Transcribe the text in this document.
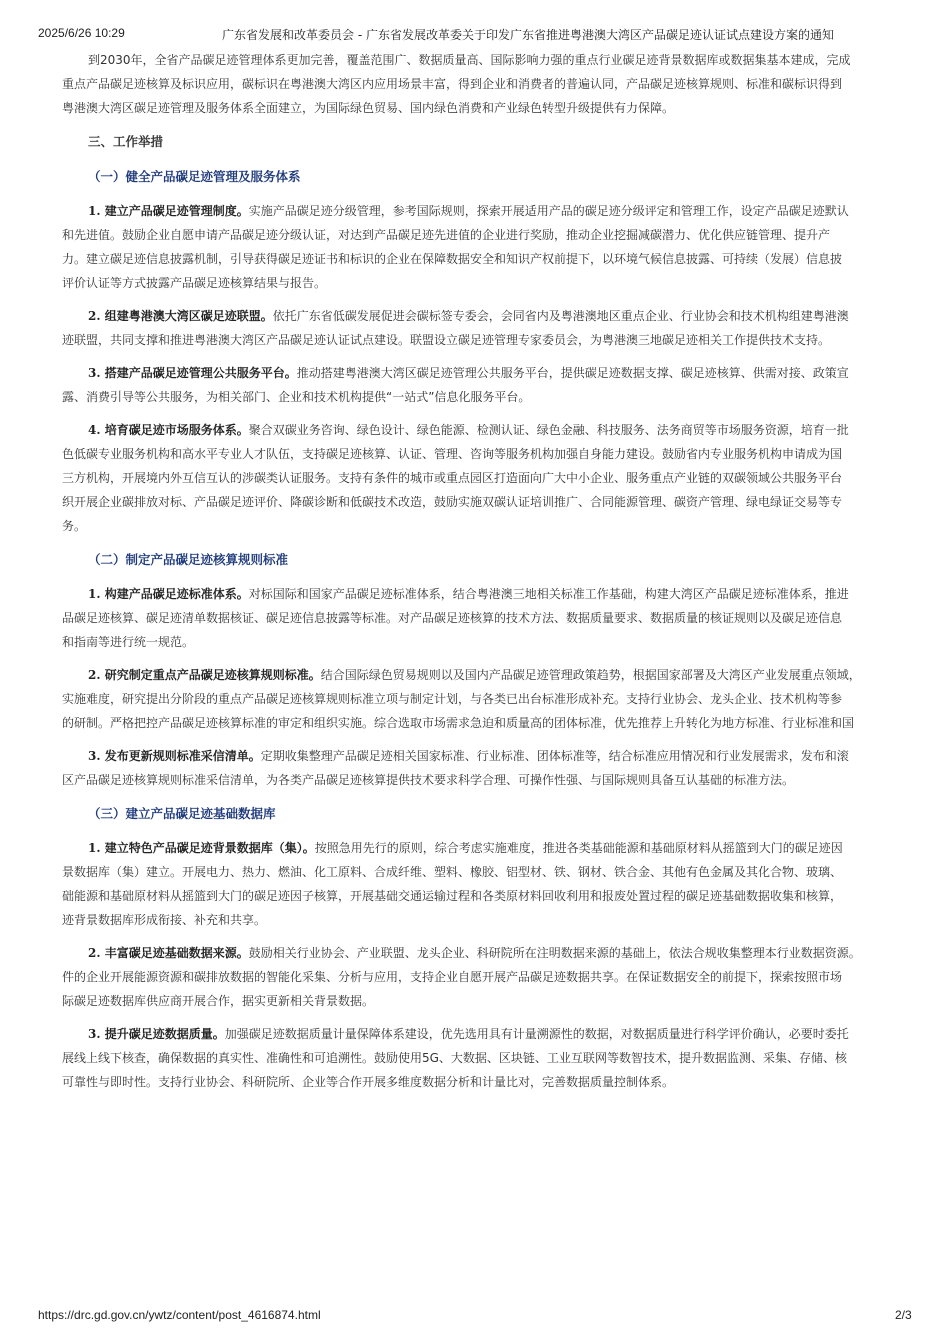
2025/6/26 10:29	广东省发展和改革委员会 - 广东省发展改革委关于印发广东省推进粤港澳大湾区产品碳足迹认证试点建设方案的通知
到2030年，全省产品碳足迹管理体系更加完善，覆盖范围广、数据质量高、国际影响力强的重点行业碳足迹背景数据库或数据集基本建成，完成
重点产品碳足迹核算及标识应用，碳标识在粤港澳大湾区内应用场景丰富，得到企业和消费者的普遍认同，产品碳足迹核算规则、标准和碳标识得到
粤港澳大湾区碳足迹管理及服务体系全面建立，为国际绿色贸易、国内绿色消费和产业绿色转型升级提供有力保障。
三、工作举措
（一）健全产品碳足迹管理及服务体系
1. 建立产品碳足迹管理制度。实施产品碳足迹分级管理，参考国际规则，探索开展适用产品的碳足迹分级评定和管理工作，设定产品碳足迹默认
和先进值。鼓励企业自愿申请产品碳足迹分级认证，对达到产品碳足迹先进值的企业进行奖励，推动企业挖掘减碳潜力、优化供应链管理、提升产
力。建立碳足迹信息披露机制，引导获得碳足迹证书和标识的企业在保障数据安全和知识产权前提下，以环境气候信息披露、可持续（发展）信息披
评价认证等方式披露产品碳足迹核算结果与报告。
2. 组建粤港澳大湾区碳足迹联盟。依托广东省低碳发展促进会碳标签专委会，会同省内及粤港澳地区重点企业、行业协会和技术机构组建粤港澳
迹联盟，共同支撑和推进粤港澳大湾区产品碳足迹认证试点建设。联盟设立碳足迹管理专家委员会，为粤港澳三地碳足迹相关工作提供技术支持。
3. 搭建产品碳足迹管理公共服务平台。推动搭建粤港澳大湾区碳足迹管理公共服务平台，提供碳足迹数据支撑、碳足迹核算、供需对接、政策宣
露、消费引导等公共服务，为相关部门、企业和技术机构提供“一站式”信息化服务平台。
4. 培育碳足迹市场服务体系。聚合双碳业务咨询、绿色设计、绿色能源、检测认证、绿色金融、科技服务、法务商贸等市场服务资源，培育一批
色低碳专业服务机构和高水平专业人才队伍，支持碳足迹核算、认证、管理、咨询等服务机构加强自身能力建设。鼓励省内专业服务机构申请成为国
三方机构，开展境内外互信互认的涉碳类认证服务。支持有条件的城市或重点园区打造面向广大中小企业、服务重点产业链的双碳领域公共服务平台
织开展企业碳排放对标、产品碳足迹评价、降碳诊断和低碳技术改造，鼓励实施双碳认证培训推广、合同能源管理、碳资产管理、绿电绿证交易等专
务。
（二）制定产品碳足迹核算规则标准
1. 构建产品碳足迹标准体系。对标国际和国家产品碳足迹标准体系，结合粤港澳三地相关标准工作基础，构建大湾区产品碳足迹标准体系，推进
品碳足迹核算、碳足迹清单数据核证、碳足迹信息披露等标准。对产品碳足迹核算的技术方法、数据质量要求、数据质量的核证规则以及碳足迹信息
和指南等进行统一规范。
2. 研究制定重点产品碳足迹核算规则标准。结合国际绿色贸易规则以及国内产品碳足迹管理政策趋势，根据国家部署及大湾区产业发展重点领域，
实施难度，研究提出分阶段的重点产品碳足迹核算规则标准立项与制定计划，与各类已出台标准形成补充。支持行业协会、龙头企业、技术机构等参
的研制。严格把控产品碳足迹核算标准的审定和组织实施。综合选取市场需求急迫和质量高的团体标准，优先推荐上升转化为地方标准、行业标准和国
3. 发布更新规则标准采信清单。定期收集整理产品碳足迹相关国家标准、行业标准、团体标准等，结合标准应用情况和行业发展需求，发布和滚
区产品碳足迹核算规则标准采信清单，为各类产品碳足迹核算提供技术要求科学合理、可操作性强、与国际规则具备互认基础的标准方法。
（三）建立产品碳足迹基础数据库
1. 建立特色产品碳足迹背景数据库（集）。按照急用先行的原则，综合考虑实施难度，推进各类基础能源和基础原材料从摇篮到大门的碳足迹因
景数据库（集）建立。开展电力、热力、燃油、化工原料、合成纤维、塑料、橡胶、铝型材、铁、钢材、铁合金、其他有色金属及其化合物、玻璃、
础能源和基础原材料从摇篮到大门的碳足迹因子核算，开展基础交通运输过程和各类原材料回收利用和报废处置过程的碳足迹基础数据收集和核算，
迹背景数据库形成衔接、补充和共享。
2. 丰富碳足迹基础数据来源。鼓励相关行业协会、产业联盟、龙头企业、科研院所在注明数据来源的基础上，依法合规收集整理本行业数据资源。
件的企业开展能源资源和碳排放数据的智能化采集、分析与应用，支持企业自愿开展产品碳足迹数据共享。在保证数据安全的前提下，探索按照市场
际碳足迹数据库供应商开展合作，据实更新相关背景数据。
3. 提升碳足迹数据质量。加强碳足迹数据质量计量保障体系建设，优先选用具有计量溯源性的数据，对数据质量进行科学评价确认，必要时委托
展线上线下核查，确保数据的真实性、准确性和可追溯性。鼓励使用5G、大数据、区块链、工业互联网等数智技术，提升数据监测、采集、存储、核
可靠性与即时性。支持行业协会、科研院所、企业等合作开展多维度数据分析和计量比对，完善数据质量控制体系。
https://drc.gd.gov.cn/ywtz/content/post_4616874.html	2/3
